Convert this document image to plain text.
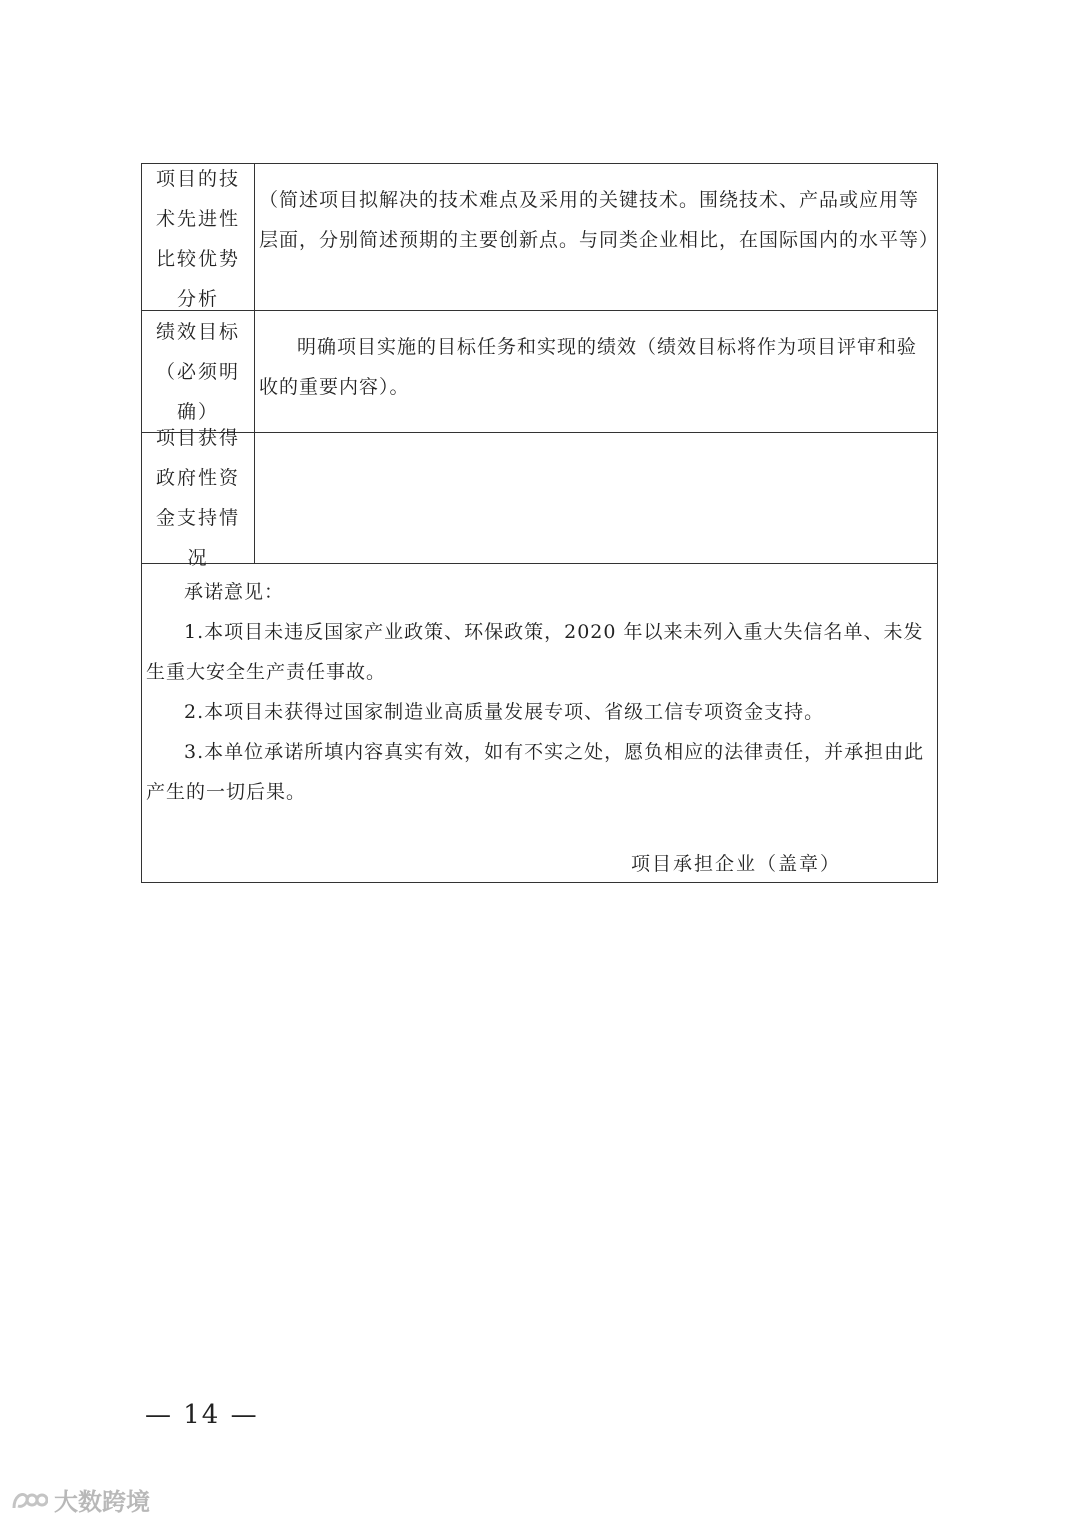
项目的技术先进性比较优势分析
（简述项目拟解决的技术难点及采用的关键技术。围绕技术、产品或应用等层面，分别简述预期的主要创新点。与同类企业相比，在国际国内的水平等）
绩效目标（必须明确）
明确项目实施的目标任务和实现的绩效（绩效目标将作为项目评审和验收的重要内容）。
项目获得政府性资金支持情况
承诺意见：
1.本项目未违反国家产业政策、环保政策，2020 年以来未列入重大失信名单、未发生重大安全生产责任事故。
2.本项目未获得过国家制造业高质量发展专项、省级工信专项资金支持。
3.本单位承诺所填内容真实有效，如有不实之处，愿负相应的法律责任，并承担由此产生的一切后果。
项目承担企业（盖章）
— 14 —
大数跨境
